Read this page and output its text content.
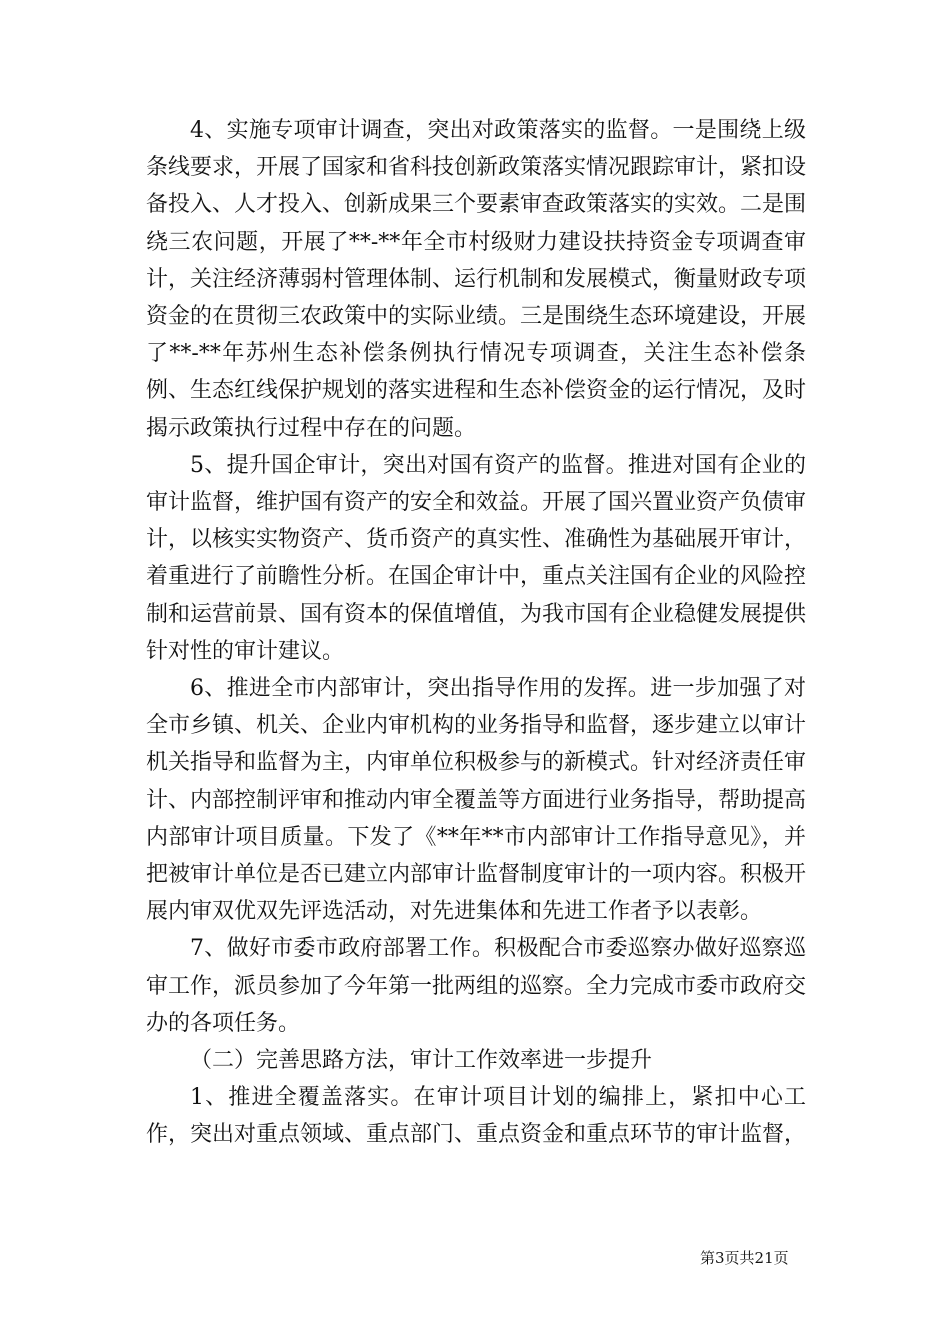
4、实施专项审计调查，突出对政策落实的监督。一是围绕上级条线要求，开展了国家和省科技创新政策落实情况跟踪审计，紧扣设备投入、人才投入、创新成果三个要素审查政策落实的实效。二是围绕三农问题，开展了**-**年全市村级财力建设扶持资金专项调查审计，关注经济薄弱村管理体制、运行机制和发展模式，衡量财政专项资金的在贯彻三农政策中的实际业绩。三是围绕生态环境建设，开展了**-**年苏州生态补偿条例执行情况专项调查，关注生态补偿条例、生态红线保护规划的落实进程和生态补偿资金的运行情况，及时揭示政策执行过程中存在的问题。

5、提升国企审计，突出对国有资产的监督。推进对国有企业的审计监督，维护国有资产的安全和效益。开展了国兴置业资产负债审计，以核实实物资产、货币资产的真实性、准确性为基础展开审计，着重进行了前瞻性分析。在国企审计中，重点关注国有企业的风险控制和运营前景、国有资本的保值增值，为我市国有企业稳健发展提供针对性的审计建议。

6、推进全市内部审计，突出指导作用的发挥。进一步加强了对全市乡镇、机关、企业内审机构的业务指导和监督，逐步建立以审计机关指导和监督为主，内审单位积极参与的新模式。针对经济责任审计、内部控制评审和推动内审全覆盖等方面进行业务指导，帮助提高内部审计项目质量。下发了《**年**市内部审计工作指导意见》，并把被审计单位是否已建立内部审计监督制度审计的一项内容。积极开展内审双优双先评选活动，对先进集体和先进工作者予以表彰。

7、做好市委市政府部署工作。积极配合市委巡察办做好巡察巡审工作，派员参加了今年第一批两组的巡察。全力完成市委市政府交办的各项任务。

（二）完善思路方法，审计工作效率进一步提升

1、推进全覆盖落实。在审计项目计划的编排上，紧扣中心工作，突出对重点领域、重点部门、重点资金和重点环节的审计监督，

第3页共21页
